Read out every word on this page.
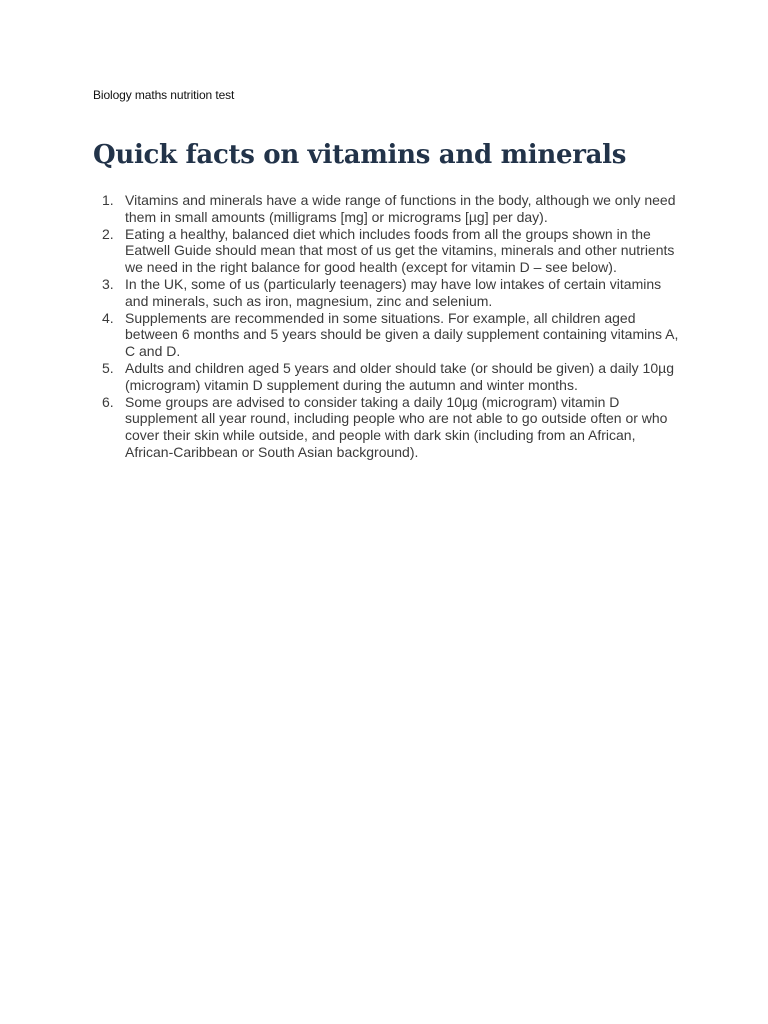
Biology maths nutrition test
Quick facts on vitamins and minerals
1. Vitamins and minerals have a wide range of functions in the body, although we only need them in small amounts (milligrams [mg] or micrograms [µg] per day).
2. Eating a healthy, balanced diet which includes foods from all the groups shown in the Eatwell Guide should mean that most of us get the vitamins, minerals and other nutrients we need in the right balance for good health (except for vitamin D – see below).
3. In the UK, some of us (particularly teenagers) may have low intakes of certain vitamins and minerals, such as iron, magnesium, zinc and selenium.
4. Supplements are recommended in some situations. For example, all children aged between 6 months and 5 years should be given a daily supplement containing vitamins A, C and D.
5. Adults and children aged 5 years and older should take (or should be given) a daily 10µg (microgram) vitamin D supplement during the autumn and winter months.
6. Some groups are advised to consider taking a daily 10µg (microgram) vitamin D supplement all year round, including people who are not able to go outside often or who cover their skin while outside, and people with dark skin (including from an African, African-Caribbean or South Asian background).
